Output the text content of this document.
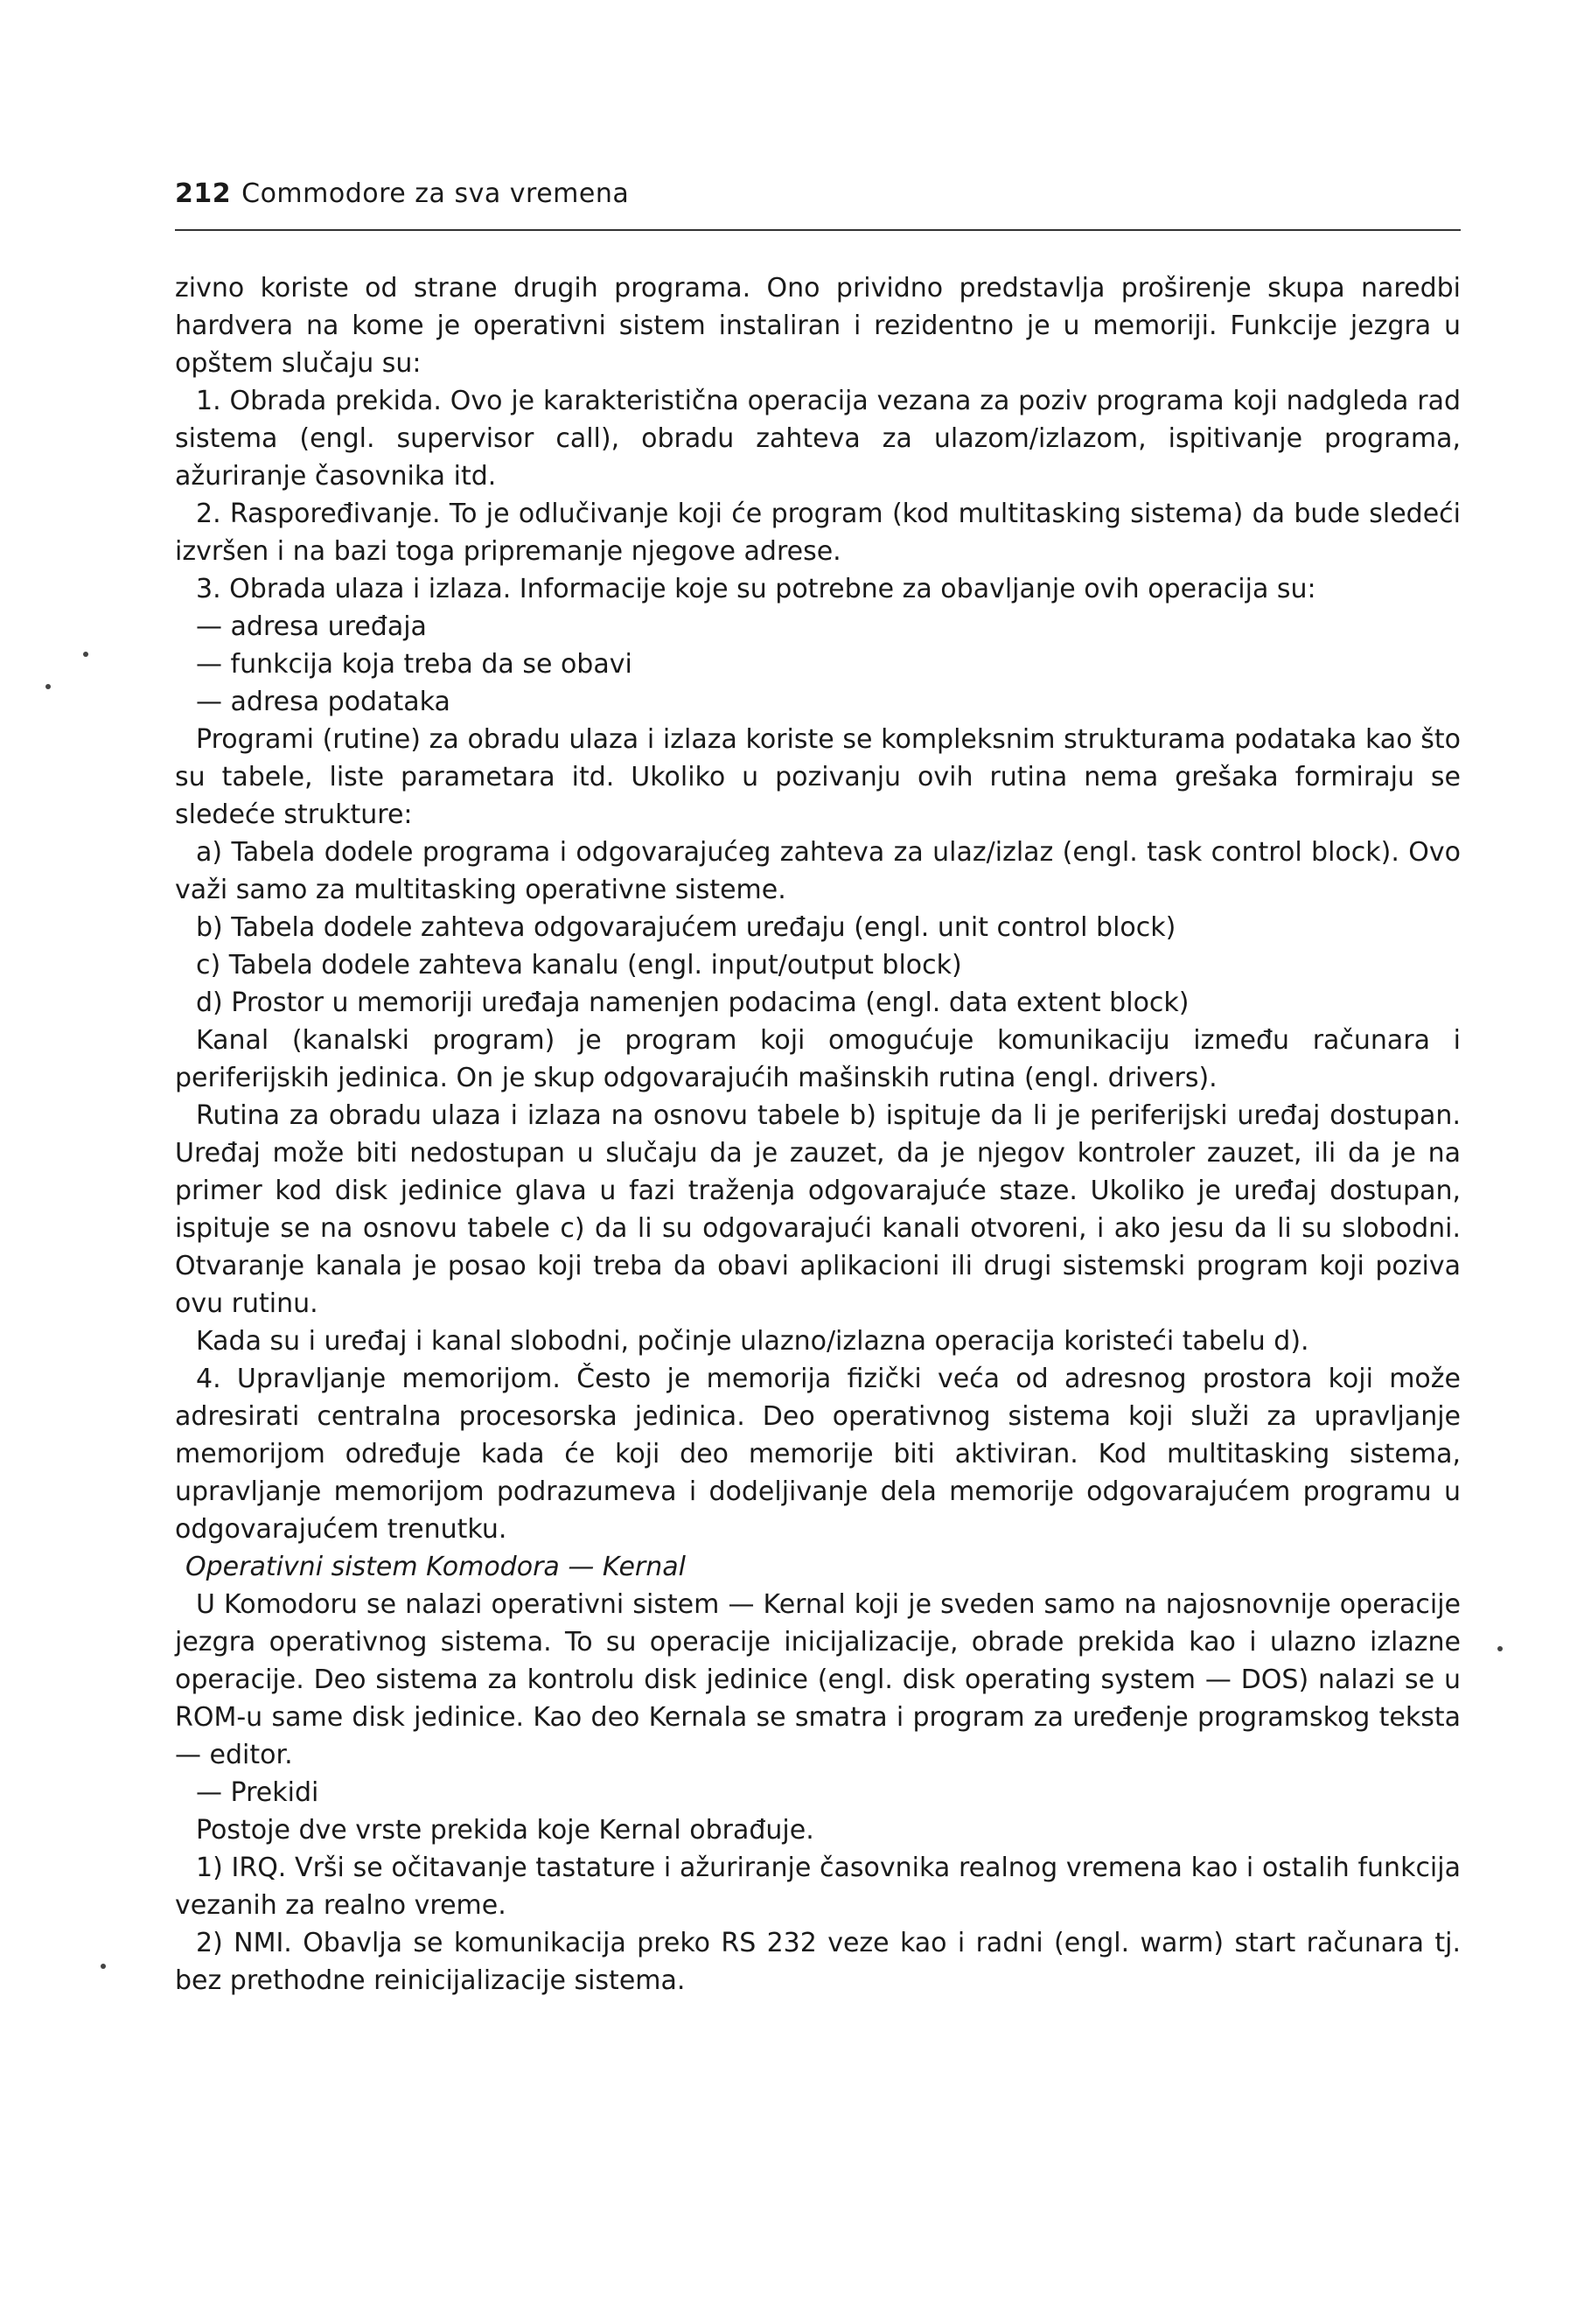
212 Commodore za sva vremena

zivno koriste od strane drugih programa. Ono prividno predstavlja proširenje skupa naredbi hardvera na kome je operativni sistem instaliran i rezidentno je u memoriji. Funkcije jezgra u opštem slučaju su:

1. Obrada prekida. Ovo je karakteristična operacija vezana za poziv programa koji nadgleda rad sistema (engl. supervisor call), obradu zahteva za ulazom/izlazom, ispitivanje programa, ažuriranje časovnika itd.

2. Raspoređivanje. To je odlučivanje koji će program (kod multitasking sistema) da bude sledeći izvršen i na bazi toga pripremanje njegove adrese.

3. Obrada ulaza i izlaza. Informacije koje su potrebne za obavljanje ovih operacija su:

— adresa uređaja

— funkcija koja treba da se obavi

— adresa podataka

Programi (rutine) za obradu ulaza i izlaza koriste se kompleksnim strukturama podataka kao što su tabele, liste parametara itd. Ukoliko u pozivanju ovih rutina nema grešaka formiraju se sledeće strukture:

a) Tabela dodele programa i odgovarajućeg zahteva za ulaz/izlaz (engl. task control block). Ovo važi samo za multitasking operativne sisteme.

b) Tabela dodele zahteva odgovarajućem uređaju (engl. unit control block)

c) Tabela dodele zahteva kanalu (engl. input/output block)

d) Prostor u memoriji uređaja namenjen podacima (engl. data extent block)

Kanal (kanalski program) je program koji omogućuje komunikaciju između računara i periferijskih jedinica. On je skup odgovarajućih mašinskih rutina (engl. drivers).

Rutina za obradu ulaza i izlaza na osnovu tabele b) ispituje da li je periferijski uređaj dostupan. Uređaj može biti nedostupan u slučaju da je zauzet, da je njegov kontroler zauzet, ili da je na primer kod disk jedinice glava u fazi traženja odgovarajuće staze. Ukoliko je uređaj dostupan, ispituje se na osnovu tabele c) da li su odgovarajući kanali otvoreni, i ako jesu da li su slobodni. Otvaranje kanala je posao koji treba da obavi aplikacioni ili drugi sistemski program koji poziva ovu rutinu.

Kada su i uređaj i kanal slobodni, počinje ulazno/izlazna operacija koristeći tabelu d).

4. Upravljanje memorijom. Često je memorija fizički veća od adresnog prostora koji može adresirati centralna procesorska jedinica. Deo operativnog sistema koji služi za upravljanje memorijom određuje kada će koji deo memorije biti aktiviran. Kod multitasking sistema, upravljanje memorijom podrazumeva i dodeljivanje dela memorije odgovarajućem programu u odgovarajućem trenutku.

Operativni sistem Komodora — Kernal

U Komodoru se nalazi operativni sistem — Kernal koji je sveden samo na najosnovnije operacije jezgra operativnog sistema. To su operacije inicijalizacije, obrade prekida kao i ulazno izlazne operacije. Deo sistema za kontrolu disk jedinice (engl. disk operating system — DOS) nalazi se u ROM-u same disk jedinice. Kao deo Kernala se smatra i program za uređenje programskog teksta — editor.

— Prekidi

Postoje dve vrste prekida koje Kernal obrađuje.

1) IRQ. Vrši se očitavanje tastature i ažuriranje časovnika realnog vremena kao i ostalih funkcija vezanih za realno vreme.

2) NMI. Obavlja se komunikacija preko RS 232 veze kao i radni (engl. warm) start računara tj. bez prethodne reinicijalizacije sistema.
